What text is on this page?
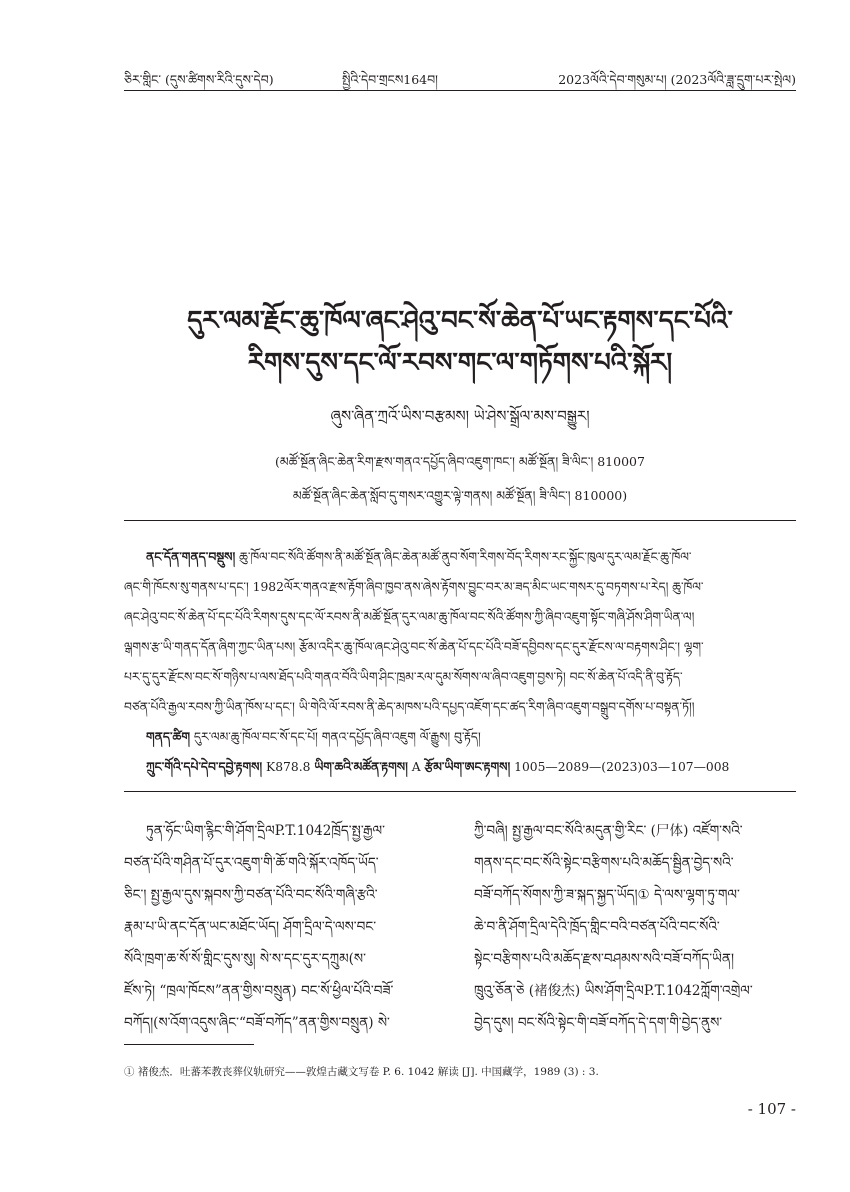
ཅིར་གླིང་ (དུས་ཚིགས་རིའི་དུས་དེབ)	སྤྱིའི་དེབ་གྲངས164བ།	2023ལོའི་དེབ་གསུམ་པ། (2023ལོའི་ཟླ་དྲུག་པར་སྤེལ)
དུར་ལམ་རྗོང་ཆུ་ཁོལ་ཞང་ཤེའུ་བང་སོ་ཆེན་པོ་ཡང་རྟགས་དང་པོའི་
རིགས་དུས་དང་ལོ་རབས་གང་ལ་གཏོགས་པའི་སྐོར།
ཞུས་ཞིན་ཀྲའོ་ཡིས་བརྩམས། ཡེ་ཤེས་སྒྲོལ་མས་བསྒྱུར།
(མཚོ་སྔོན་ཞིང་ཆེན་རིག་རྫས་གནའ་དཔྱོད་ཞིབ་འཇུག་ཁང་། མཚོ་སྔོན། ཟི་ལིང་། 810007
མཚོ་སྔོན་ཞིང་ཆེན་སློབ་དུ་གསར་འགྱུར་ལྟེ་གནས། མཚོ་སྔོན། ཟི་ལིང་། 810000)
ནང་དོན་གནད་བསྡུས། ཆུ་ཁོལ་བང་སོའི་ཚོགས་ནི་མཚོ་སྔོན་ཞིང་ཆེན་མཚོ་ནུབ་སོག་རིགས་བོད་རིགས་རང་སྐྱོང་ཁུལ་དུར་ལམ་རྗོང་ཆུ་ཁོལ་
ཞང་གི་ཁོངས་སུ་གནས་པ་དང་། 1982ལོར་གནའ་རྫས་རྟོག་ཞིབ་ཁྱབ་ནས་ཞེས་རྟོགས་བྱུང་བར་མ་ཟད་མིང་ཡང་གསར་དུ་བཏགས་པ་རེད། ཆུ་ཁོལ་
ཞང་ཤེའུ་བང་སོ་ཆེན་པོ་དང་པོའི་རིགས་དུས་དང་ལོ་རབས་ནི་མཚོ་སྔོན་དུར་ལམ་ཆུ་ཁོལ་བང་སོའི་ཚོགས་ཀྱི་ཞིབ་འཇུག་སྟོང་གཞི་ཤོས་ཤིག་ཡིན་ལ།
ལྒགས་རྩ་ཡི་གནད་དོན་ཞིག་ཀྱང་ཡིན་པས། རྩོམ་འདིར་ཆུ་ཁོལ་ཞང་ཤེའུ་བང་སོ་ཆེན་པོ་དང་པོའི་བཟོ་དབྱིབས་དང་དུར་རྫོངས་ལ་བརྟགས་ཤིང་། ལྷག་
པར་དུ་དུར་རྫོངས་བང་སོ་གཉིས་པ་ལས་ཐོད་པའི་གནའ་བོའི་ཡིག་ཤིང་ཁྲམ་རལ་དུམ་སོགས་ལ་ཞིབ་འཇུག་བྱས་ཏེ། བང་སོ་ཆེན་པོ་འདི་ནི་བུ་རྟོད་
བཙན་པོའི་རྒྱལ་རབས་ཀྱི་ཡིན་ཁོས་པ་དང་། ཡི་གེའི་ལོ་རབས་ནི་ཆེད་མཁས་པའི་དཔྱད་འཇོག་དང་ཚད་རིག་ཞིབ་འཇུག་བསྒྲུབ་དགོས་པ་བསྟན་ཏོ།།
གནད་ཚིག དུར་ལམ་ཆུ་ཁོལ་བང་སོ་དང་པོ། གནའ་དཔྱོད་ཞིབ་འཇུག ལོ་རྒྱུས། བུ་རྟོད།
ཀྲུང་གོའི་དཔེ་དེབ་དབྱེ་རྟགས། K878.8 ཡིག་ཆའི་མཚོན་རྟགས། A རྩོམ་ཡིག་ཨང་རྟགས། 1005—2089—(2023)03—107—008
ཏུན་ཧོང་ཡིག་རྙིང་གི་ཤོག་དྲིལP.T.1042ཁྲོད་སྤྱ་རྒྱལ་
བཙན་པོའི་གཤིན་པོ་དུར་འཇུག་གི་ཆོ་གའི་སྐོར་འཁོད་ཡོད་
ཅིང་། སྤྱ་རྒྱལ་དུས་སྐབས་ཀྱི་བཙན་པོའི་བང་སོའི་གཞི་རྩའི་
རྣམ་པ་ཡི་ནང་དོན་ཡང་མཐོང་ཡོད། ཤོག་དྲིལ་དེ་ལས་བང་
སོའི་ཁྲག་ཆ་སོ་སོ་གླིང་དུས་སུ། སེ་ས་དང་དུར་དཀྲུམ(ས་
ཛོས་ཏེ། “ཁྲལ་ཁོངས”ནན་གྱིས་བསྲུན) བང་སོ་ཕྱིལ་པོའི་བཟོ་
བཀོད།(ས་འོག་འདུས་ཞིང་“བཟོ་བཀོད”ནན་གྱིས་བསྲུན) སེ་
ཀྱི་བཞི། སྤྱ་རྒྱལ་བང་སོའི་མདུན་གྱི་རིང་ (尸体) འཛོག་སའི་
གནས་དང་བང་སོའི་སྟེང་བརྩིགས་པའི་མཆོད་སྦྱིན་བྱེད་སའི་
བཟོ་བཀོད་སོགས་ཀྱི་ཟ་སྐད་སྐྱད་ཡོད།① དེ་ལས་ལྷག་ཏུ་གལ་
ཆེ་བ་ནི་ཤོག་དྲིལ་དེའི་ཁྲོད་གླིང་བའི་བཙན་པོའི་བང་སོའི་
སྟེང་བརྩིགས་པའི་མཆོད་རྫས་བཤམས་སའི་བཟོ་བཀོད་ཡིན།
ཁྲུའུ་ཅོན་ཅེ (褚俊杰) ཡིས་ཤོག་དྲིལP.T.1042ཀློག་འགྲེལ་
བྱེད་དུས། བང་སོའི་སྟེང་གི་བཟོ་བཀོད་དེ་དག་གི་བྱེད་ནུས་
① 褚俊杰．吐蕃苯教丧葬仪轨研究——敦煌古藏文写卷 P. 6. 1042 解读 [J]. 中国藏学，1989 (3) : 3.
- 107 -
